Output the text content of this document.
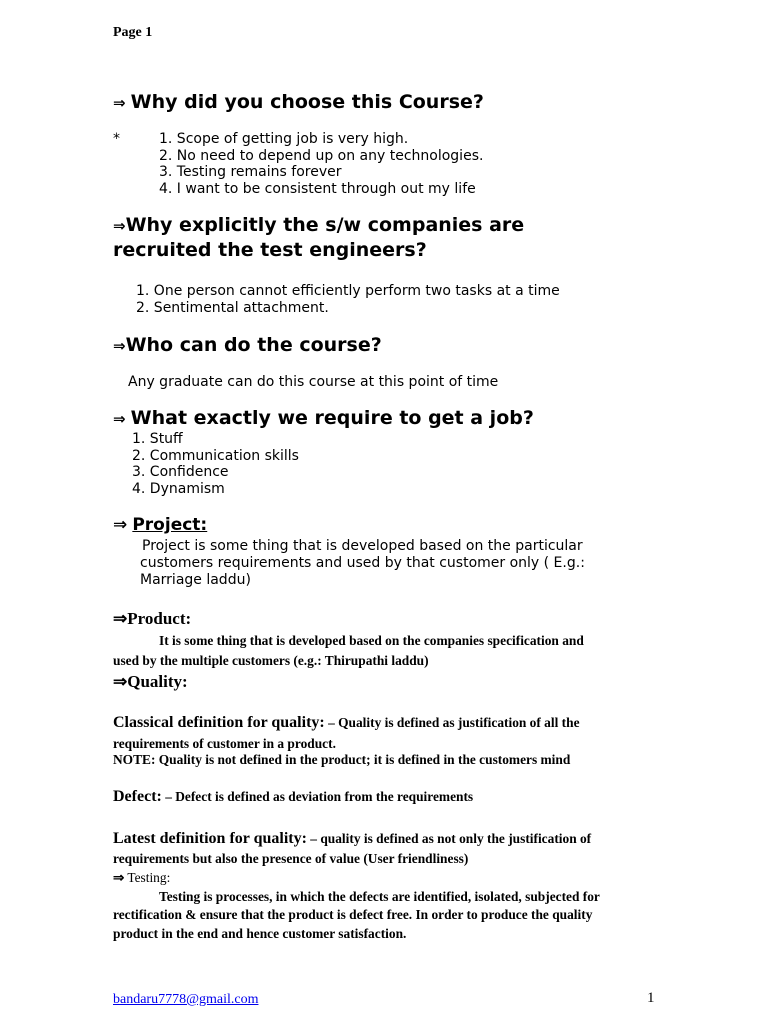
Page 1
⇒ Why did you choose this Course?
*	1. Scope of getting job is very high.
2. No need to depend up on any technologies.
3. Testing remains forever
4. I want to be consistent through out my life
⇒Why explicitly the s/w companies are
recruited the test engineers?
1. One person cannot efficiently perform two tasks at a time
2. Sentimental attachment.
⇒Who can do the course?
Any graduate can do this course at this point of time
⇒ What exactly we require to get a job?
1. Stuff
2. Communication skills
3. Confidence
4. Dynamism
⇒ Project:
Project is some thing that is developed based on the particular
customers requirements and used by that customer only ( E.g.:
Marriage laddu)
⇒Product:
It is some thing that is developed based on the companies specification and
used by the multiple customers (e.g.: Thirupathi laddu)
⇒Quality:
Classical definition for quality: – Quality is defined as justification of all the
requirements of customer in a product.
NOTE: Quality is not defined in the product; it is defined in the customers mind
Defect: – Defect is defined as deviation from the requirements
Latest definition for quality: – quality is defined as not only the justification of
requirements but also the presence of value (User friendliness)
⇒ Testing:
Testing is processes, in which the defects are identified, isolated, subjected for
rectification & ensure that the product is defect free. In order to produce the quality
product in the end and hence customer satisfaction.
bandaru7778@gmail.com	1
